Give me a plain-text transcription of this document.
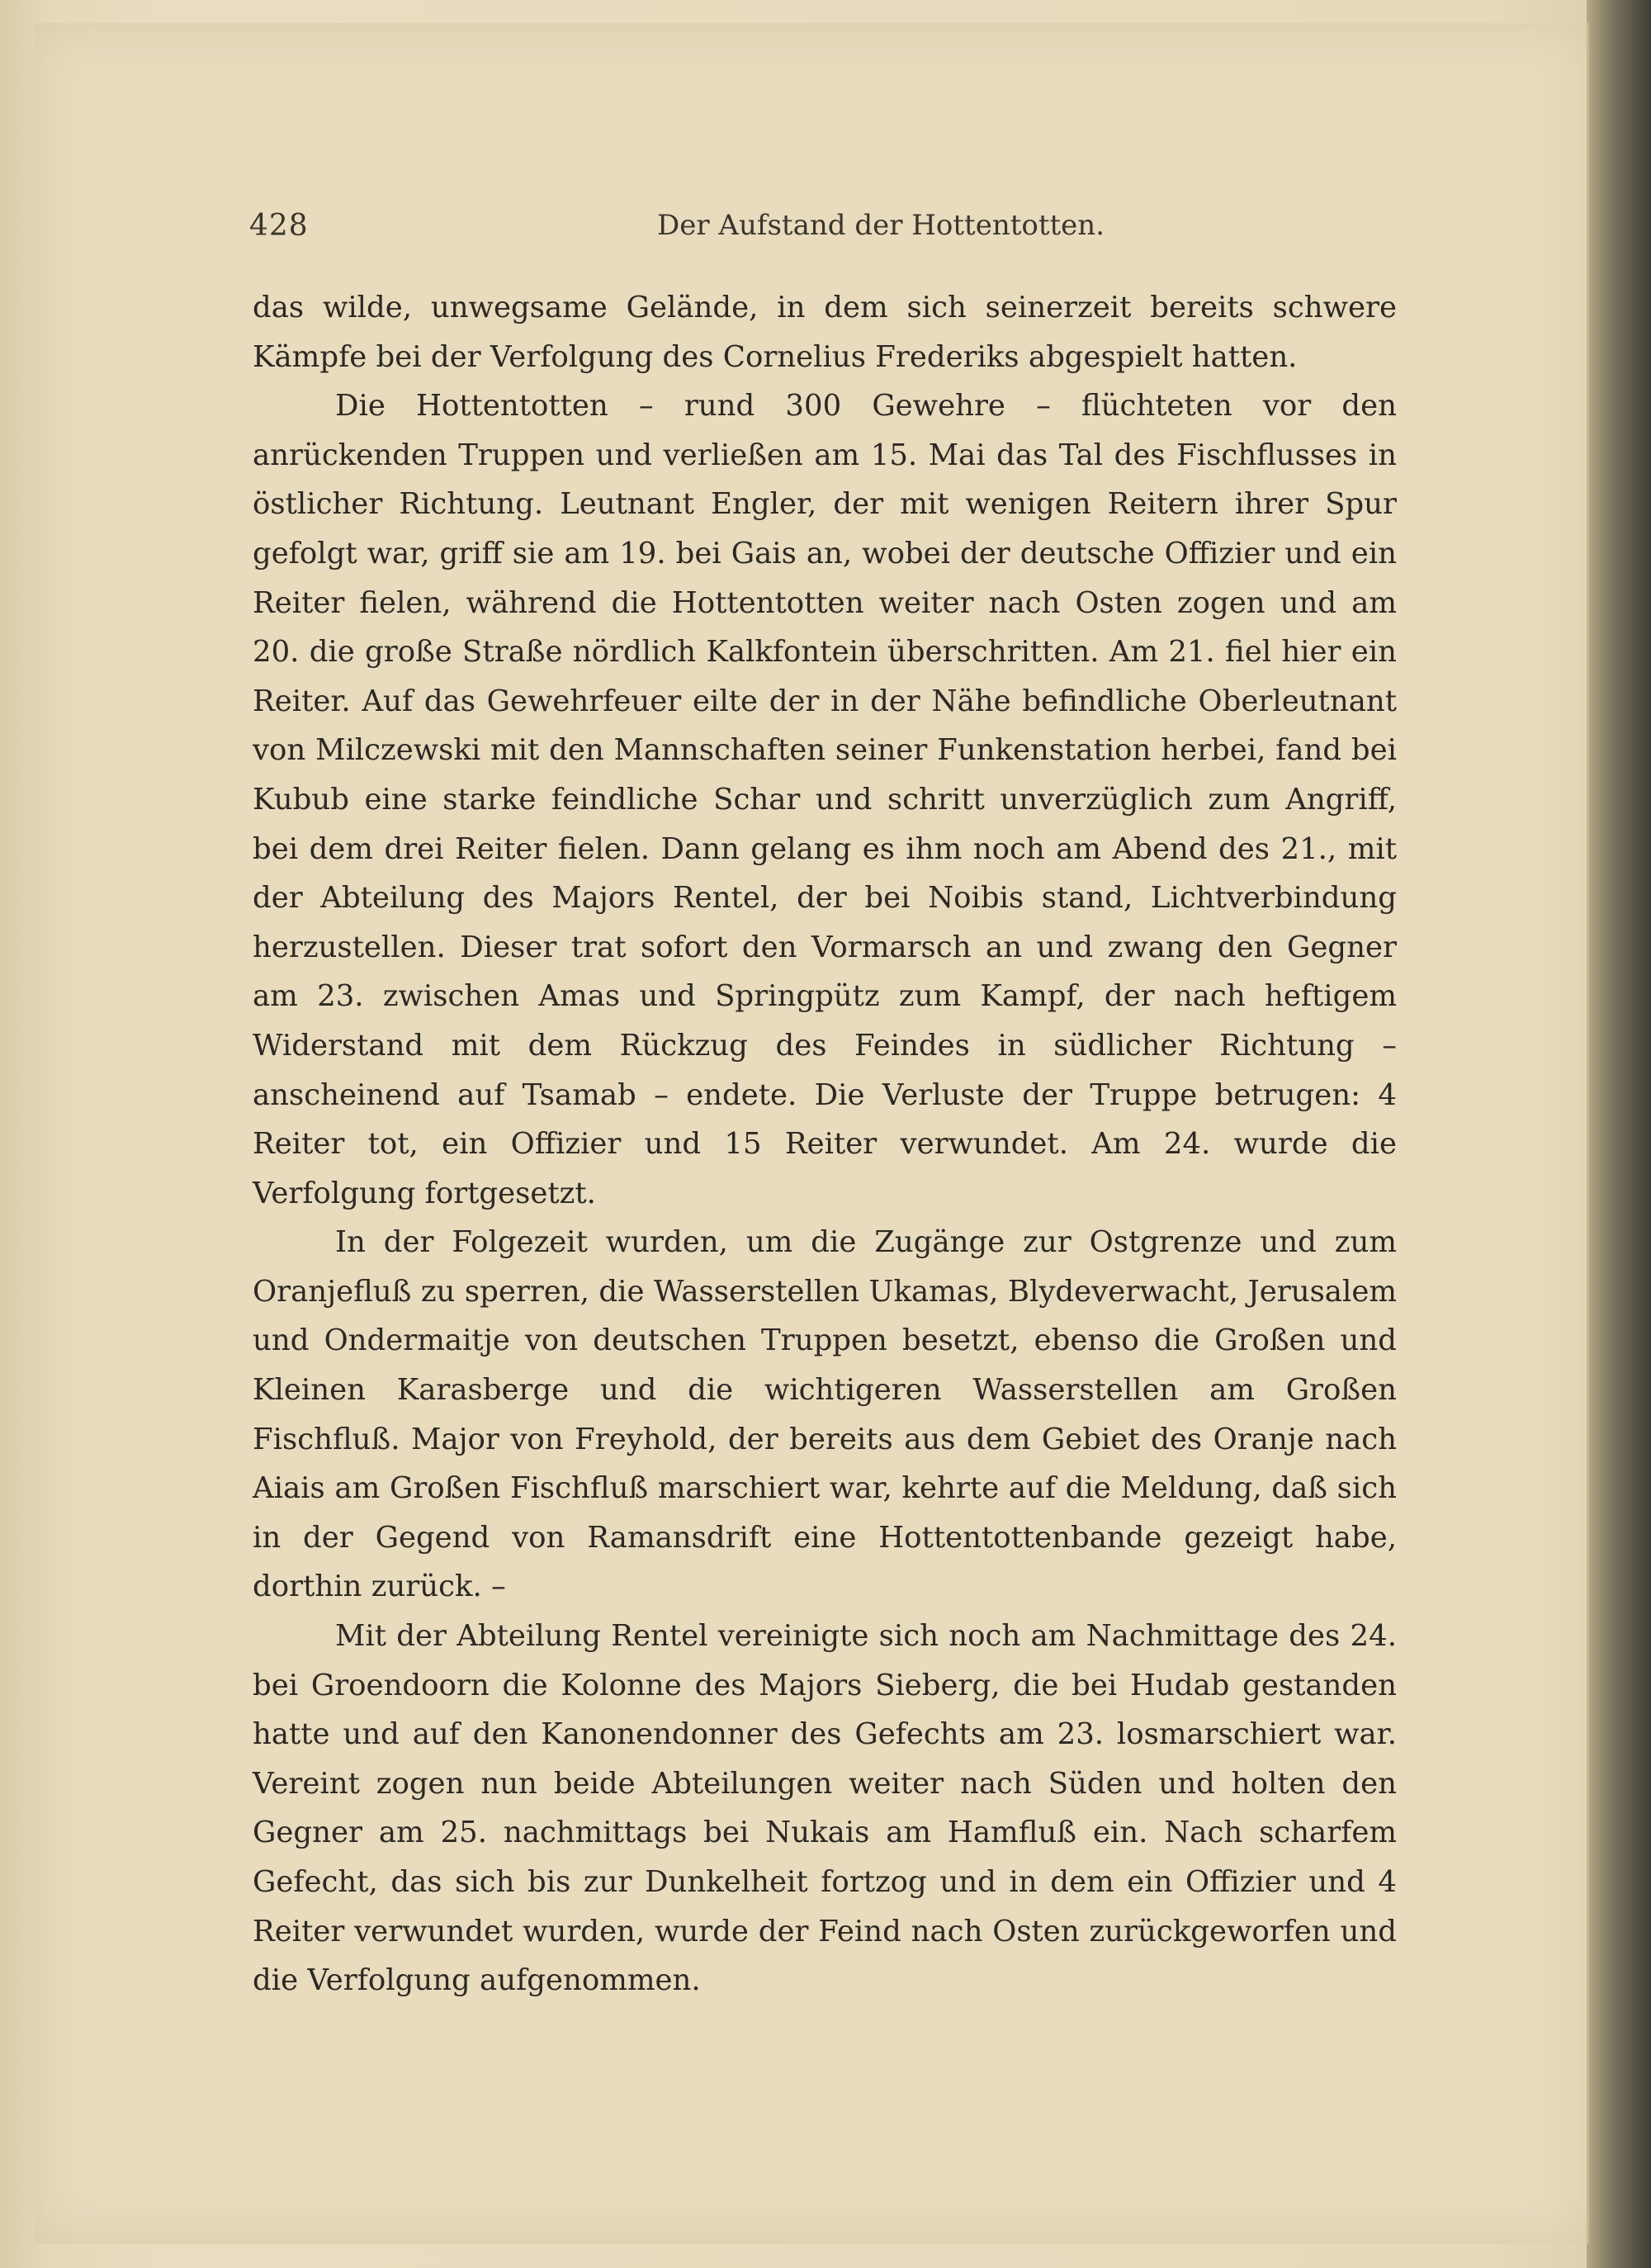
428	Der Aufstand der Hottentotten.

das wilde, unwegsame Gelände, in dem sich seinerzeit bereits schwere Kämpfe bei der Verfolgung des Cornelius Frederiks abgespielt hatten.

Die Hottentotten – rund 300 Gewehre – flüchteten vor den anrückenden Truppen und verließen am 15. Mai das Tal des Fischflusses in östlicher Richtung. Leutnant Engler, der mit wenigen Reitern ihrer Spur gefolgt war, griff sie am 19. bei Gais an, wobei der deutsche Offizier und ein Reiter fielen, während die Hottentotten weiter nach Osten zogen und am 20. die große Straße nördlich Kalkfontein überschritten. Am 21. fiel hier ein Reiter. Auf das Gewehrfeuer eilte der in der Nähe befindliche Oberleutnant von Milczewski mit den Mannschaften seiner Funkenstation herbei, fand bei Kubub eine starke feindliche Schar und schritt unverzüglich zum Angriff, bei dem drei Reiter fielen. Dann gelang es ihm noch am Abend des 21., mit der Abteilung des Majors Rentel, der bei Noibis stand, Lichtverbindung herzustellen. Dieser trat sofort den Vormarsch an und zwang den Gegner am 23. zwischen Amas und Springpütz zum Kampf, der nach heftigem Widerstand mit dem Rückzug des Feindes in südlicher Richtung – anscheinend auf Tsamab – endete. Die Verluste der Truppe betrugen: 4 Reiter tot, ein Offizier und 15 Reiter verwundet. Am 24. wurde die Verfolgung fortgesetzt.

In der Folgezeit wurden, um die Zugänge zur Ostgrenze und zum Oranjefluß zu sperren, die Wasserstellen Ukamas, Blydeverwacht, Jerusalem und Ondermaitje von deutschen Truppen besetzt, ebenso die Großen und Kleinen Karasberge und die wichtigeren Wasserstellen am Großen Fischfluß. Major von Freyhold, der bereits aus dem Gebiet des Oranje nach Aiais am Großen Fischfluß marschiert war, kehrte auf die Meldung, daß sich in der Gegend von Ramansdrift eine Hottentottenbande gezeigt habe, dorthin zurück. –

Mit der Abteilung Rentel vereinigte sich noch am Nachmittage des 24. bei Groendoorn die Kolonne des Majors Sieberg, die bei Hudab gestanden hatte und auf den Kanonendonner des Gefechts am 23. losmarschiert war. Vereint zogen nun beide Abteilungen weiter nach Süden und holten den Gegner am 25. nachmittags bei Nukais am Hamfluß ein. Nach scharfem Gefecht, das sich bis zur Dunkelheit fortzog und in dem ein Offizier und 4 Reiter verwundet wurden, wurde der Feind nach Osten zurückgeworfen und die Verfolgung aufgenommen.
